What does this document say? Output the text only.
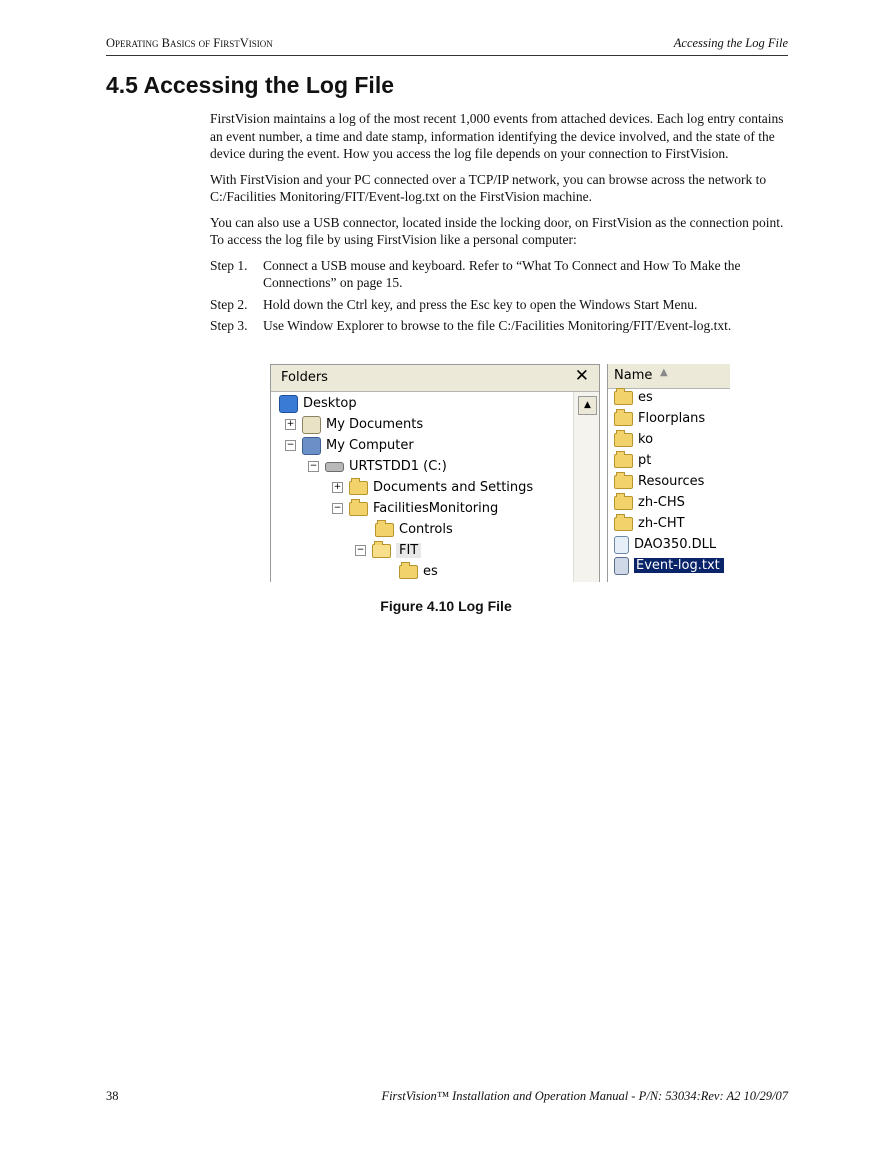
Operating Basics of FirstVision	Accessing the Log File
4.5 Accessing the Log File

FirstVision maintains a log of the most recent 1,000 events from attached devices. Each log entry contains an event number, a time and date stamp, information identifying the device involved, and the state of the device during the event. How you access the log file depends on your connection to FirstVision.

With FirstVision and your PC connected over a TCP/IP network, you can browse across the network to C:/Facilities Monitoring/FIT/Event-log.txt on the FirstVision machine.

You can also use a USB connector, located inside the locking door, on FirstVision as the connection point. To access the log file by using FirstVision like a personal computer:

Step 1.	Connect a USB mouse and keyboard. Refer to “What To Connect and How To Make the Connections” on page 15.
Step 2.	Hold down the Ctrl key, and press the Esc key to open the Windows Start Menu.
Step 3.	Use Window Explorer to browse to the file C:/Facilities Monitoring/FIT/Event-log.txt.
Folders	✕
Desktop
+ My Documents
− My Computer
− URTSTDD1 (C:)
+ Documents and Settings
− FacilitiesMonitoring
Controls
−	FIT
es
▲
Name ▲
es
Floorplans
ko
pt
Resources
zh-CHS
zh-CHT
DAO350.DLL
Event-log.txt
Figure 4.10 Log File
38	FirstVision™ Installation and Operation Manual - P/N: 53034:Rev: A2 10/29/07
